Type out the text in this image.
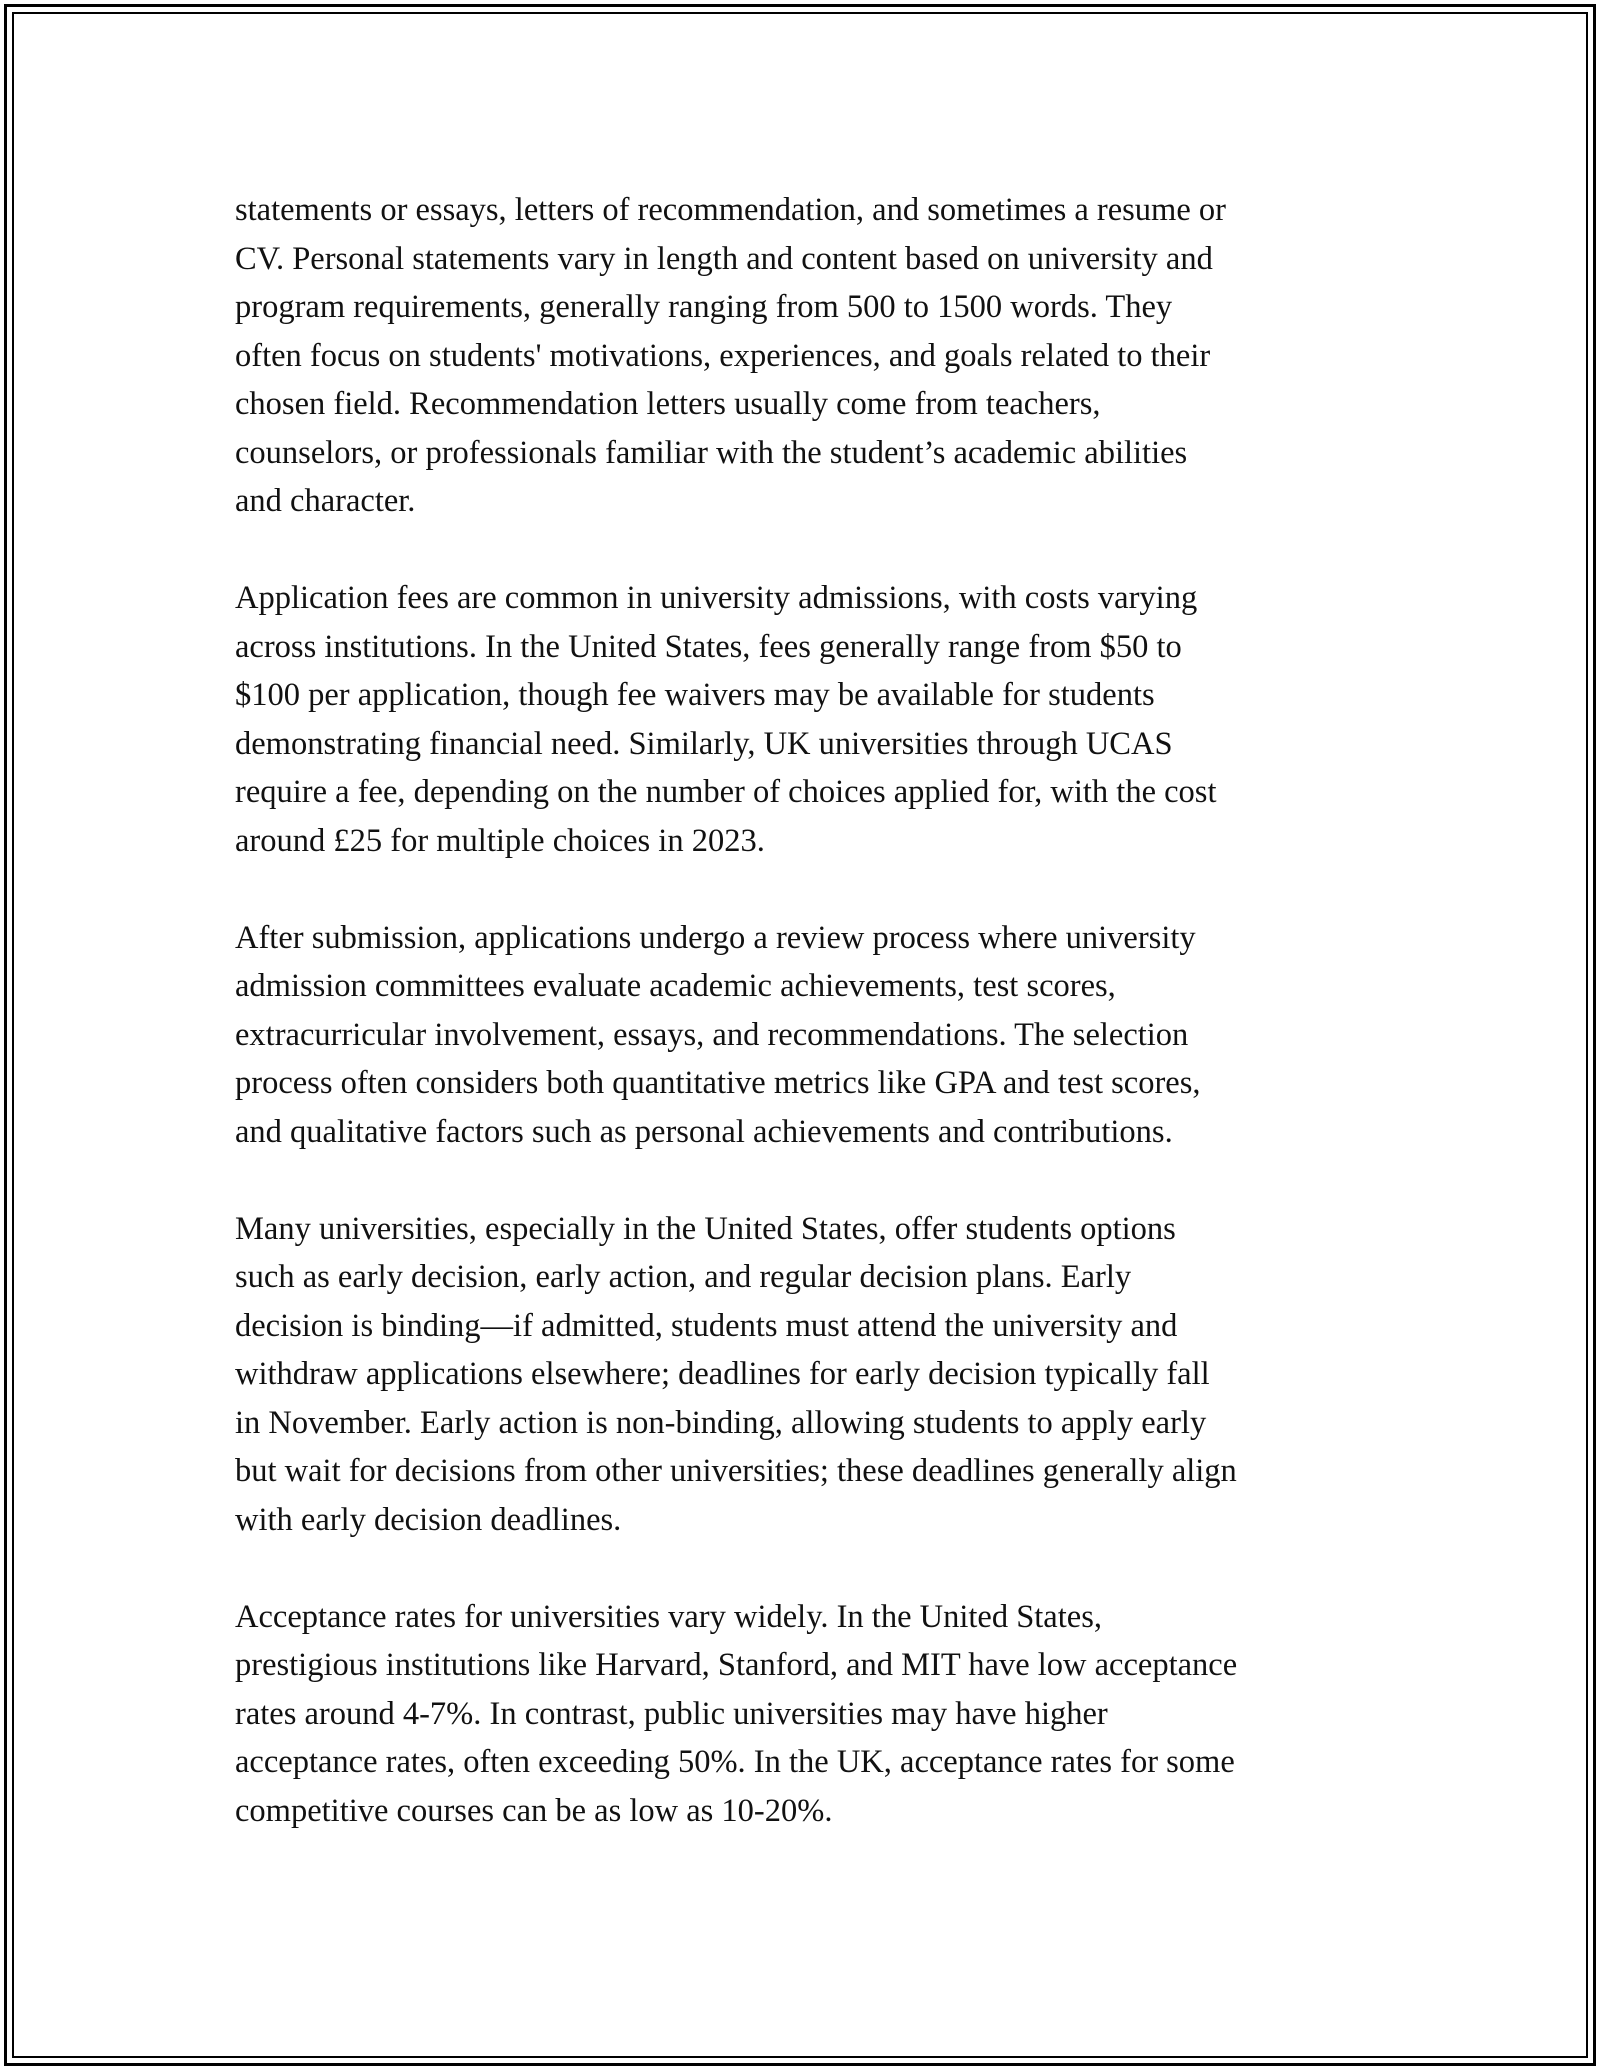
statements or essays, letters of recommendation, and sometimes a resume or
CV. Personal statements vary in length and content based on university and
program requirements, generally ranging from 500 to 1500 words. They
often focus on students' motivations, experiences, and goals related to their
chosen field. Recommendation letters usually come from teachers,
counselors, or professionals familiar with the student’s academic abilities
and character.
Application fees are common in university admissions, with costs varying
across institutions. In the United States, fees generally range from $50 to
$100 per application, though fee waivers may be available for students
demonstrating financial need. Similarly, UK universities through UCAS
require a fee, depending on the number of choices applied for, with the cost
around £25 for multiple choices in 2023.
After submission, applications undergo a review process where university
admission committees evaluate academic achievements, test scores,
extracurricular involvement, essays, and recommendations. The selection
process often considers both quantitative metrics like GPA and test scores,
and qualitative factors such as personal achievements and contributions.
Many universities, especially in the United States, offer students options
such as early decision, early action, and regular decision plans. Early
decision is binding—if admitted, students must attend the university and
withdraw applications elsewhere; deadlines for early decision typically fall
in November. Early action is non-binding, allowing students to apply early
but wait for decisions from other universities; these deadlines generally align
with early decision deadlines.
Acceptance rates for universities vary widely. In the United States,
prestigious institutions like Harvard, Stanford, and MIT have low acceptance
rates around 4-7%. In contrast, public universities may have higher
acceptance rates, often exceeding 50%. In the UK, acceptance rates for some
competitive courses can be as low as 10-20%.
